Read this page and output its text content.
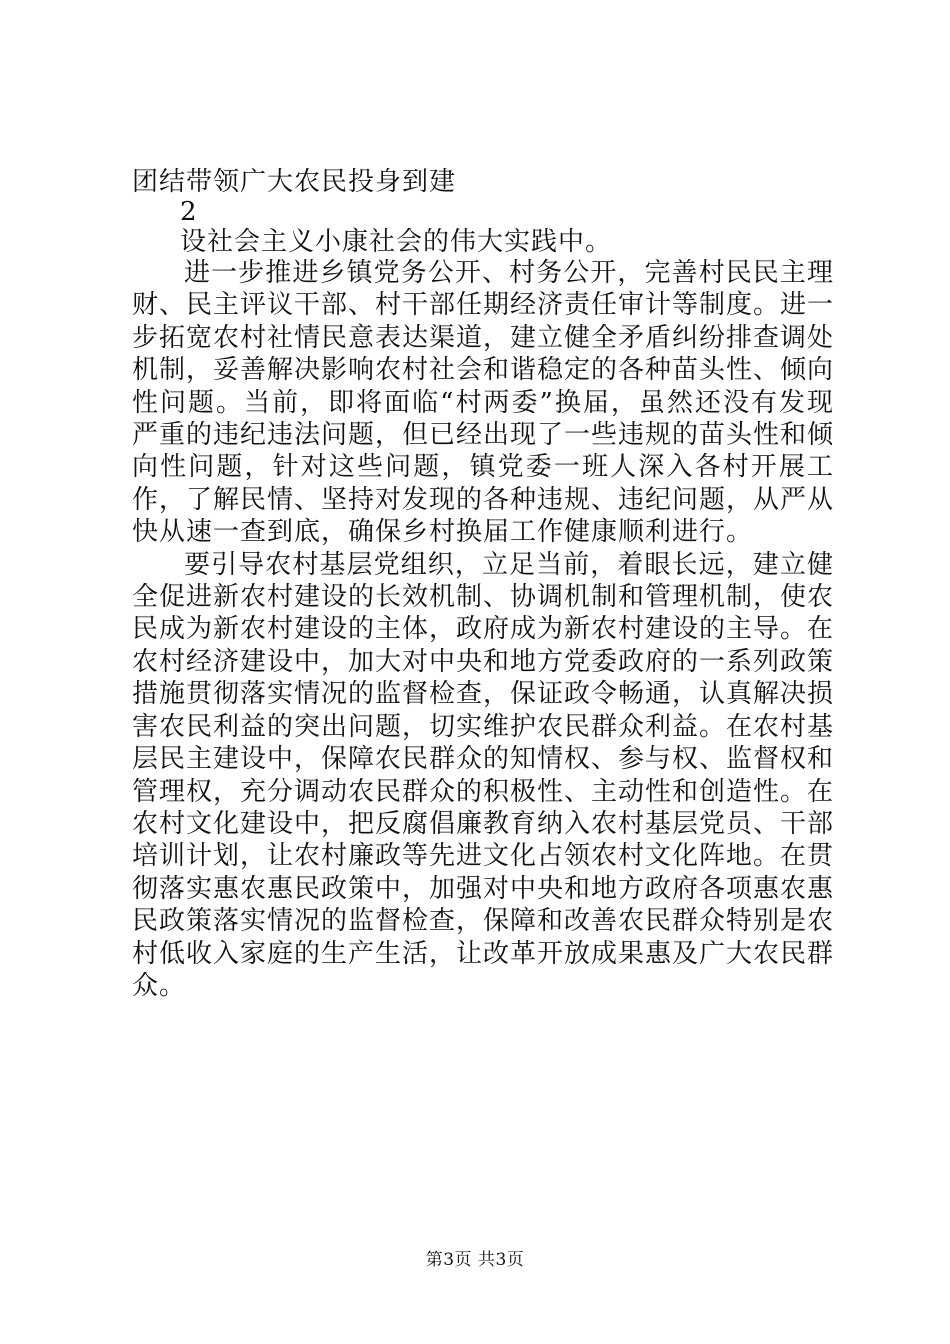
团结带领广大农民投身到建
2
设社会主义小康社会的伟大实践中。

进一步推进乡镇党务公开、村务公开，完善村民民主理财、民主评议干部、村干部任期经济责任审计等制度。进一步拓宽农村社情民意表达渠道，建立健全矛盾纠纷排查调处机制，妥善解决影响农村社会和谐稳定的各种苗头性、倾向性问题。当前，即将面临“村两委”换届，虽然还没有发现严重的违纪违法问题，但已经出现了一些违规的苗头性和倾向性问题，针对这些问题，镇党委一班人深入各村开展工作，了解民情、坚持对发现的各种违规、违纪问题，从严从快从速一查到底，确保乡村换届工作健康顺利进行。

要引导农村基层党组织，立足当前，着眼长远，建立健全促进新农村建设的长效机制、协调机制和管理机制，使农民成为新农村建设的主体，政府成为新农村建设的主导。在农村经济建设中，加大对中央和地方党委政府的一系列政策措施贯彻落实情况的监督检查，保证政令畅通，认真解决损害农民利益的突出问题，切实维护农民群众利益。在农村基层民主建设中，保障农民群众的知情权、参与权、监督权和管理权，充分调动农民群众的积极性、主动性和创造性。在农村文化建设中，把反腐倡廉教育纳入农村基层党员、干部培训计划，让农村廉政等先进文化占领农村文化阵地。在贯彻落实惠农惠民政策中，加强对中央和地方政府各项惠农惠民政策落实情况的监督检查，保障和改善农民群众特别是农村低收入家庭的生产生活，让改革开放成果惠及广大农民群众。

第3页 共3页
